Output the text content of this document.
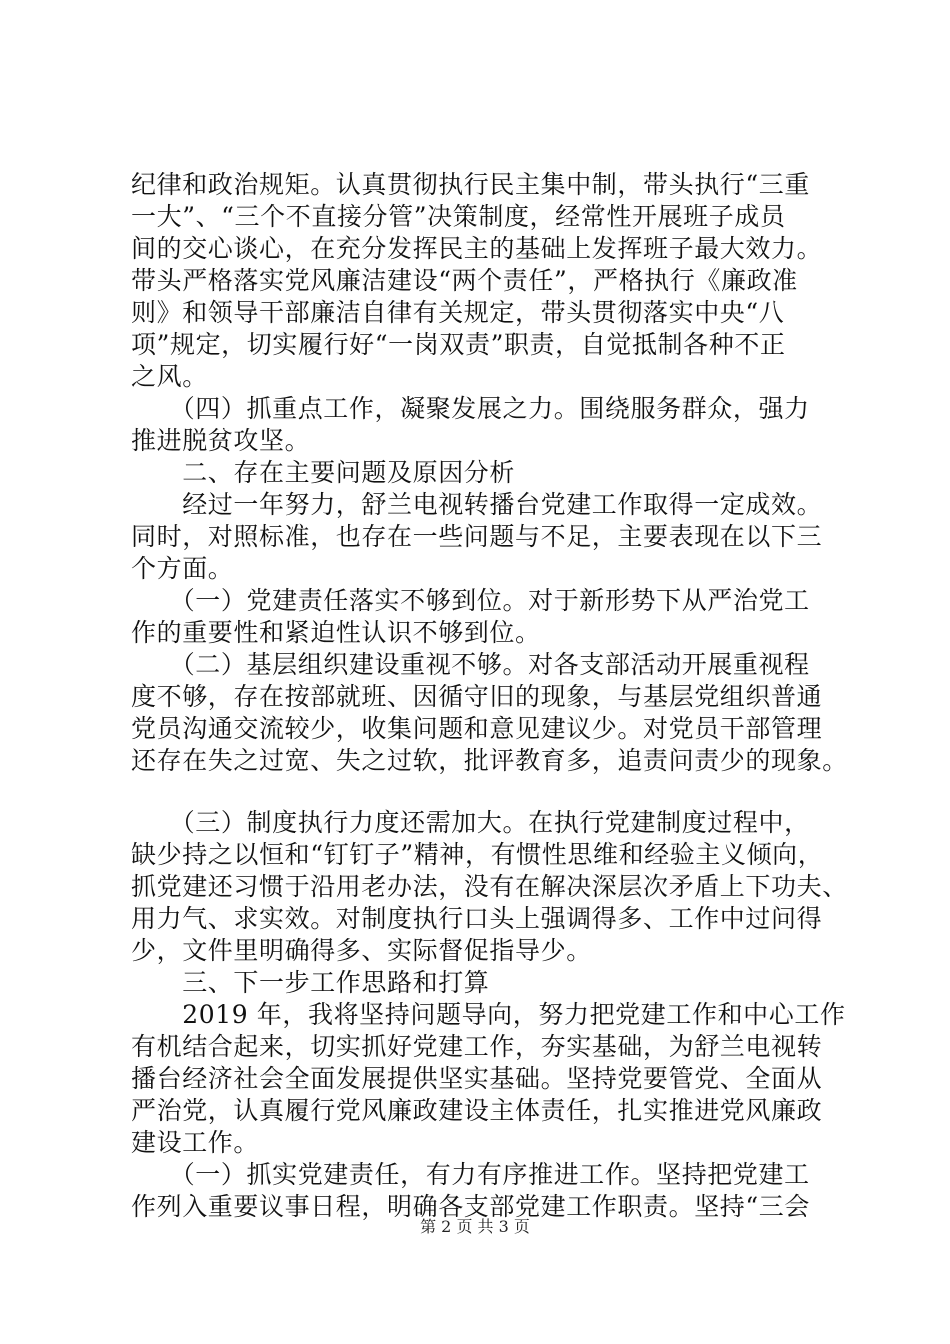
纪律和政治规矩。认真贯彻执行民主集中制，带头执行“三重
一大”、“三个不直接分管”决策制度，经常性开展班子成员
间的交心谈心，在充分发挥民主的基础上发挥班子最大效力。
带头严格落实党风廉洁建设“两个责任”，严格执行《廉政准
则》和领导干部廉洁自律有关规定，带头贯彻落实中央“八
项”规定，切实履行好“一岗双责”职责，自觉抵制各种不正
之风。
　　（四）抓重点工作，凝聚发展之力。围绕服务群众，强力
推进脱贫攻坚。
　　二、存在主要问题及原因分析
　　经过一年努力，舒兰电视转播台党建工作取得一定成效。
同时，对照标准，也存在一些问题与不足，主要表现在以下三
个方面。
　　（一）党建责任落实不够到位。对于新形势下从严治党工
作的重要性和紧迫性认识不够到位。
　　（二）基层组织建设重视不够。对各支部活动开展重视程
度不够，存在按部就班、因循守旧的现象，与基层党组织普通
党员沟通交流较少，收集问题和意见建议少。对党员干部管理
还存在失之过宽、失之过软，批评教育多，追责问责少的现象。
　　（三）制度执行力度还需加大。在执行党建制度过程中，
缺少持之以恒和“钉钉子”精神，有惯性思维和经验主义倾向，
抓党建还习惯于沿用老办法，没有在解决深层次矛盾上下功夫、
用力气、求实效。对制度执行口头上强调得多、工作中过问得
少，文件里明确得多、实际督促指导少。
　　三、下一步工作思路和打算
　　2019 年，我将坚持问题导向，努力把党建工作和中心工作
有机结合起来，切实抓好党建工作，夯实基础，为舒兰电视转
播台经济社会全面发展提供坚实基础。坚持党要管党、全面从
严治党，认真履行党风廉政建设主体责任，扎实推进党风廉政
建设工作。
　　（一）抓实党建责任，有力有序推进工作。坚持把党建工
作列入重要议事日程，明确各支部党建工作职责。坚持“三会
第 2 页 共 3 页
